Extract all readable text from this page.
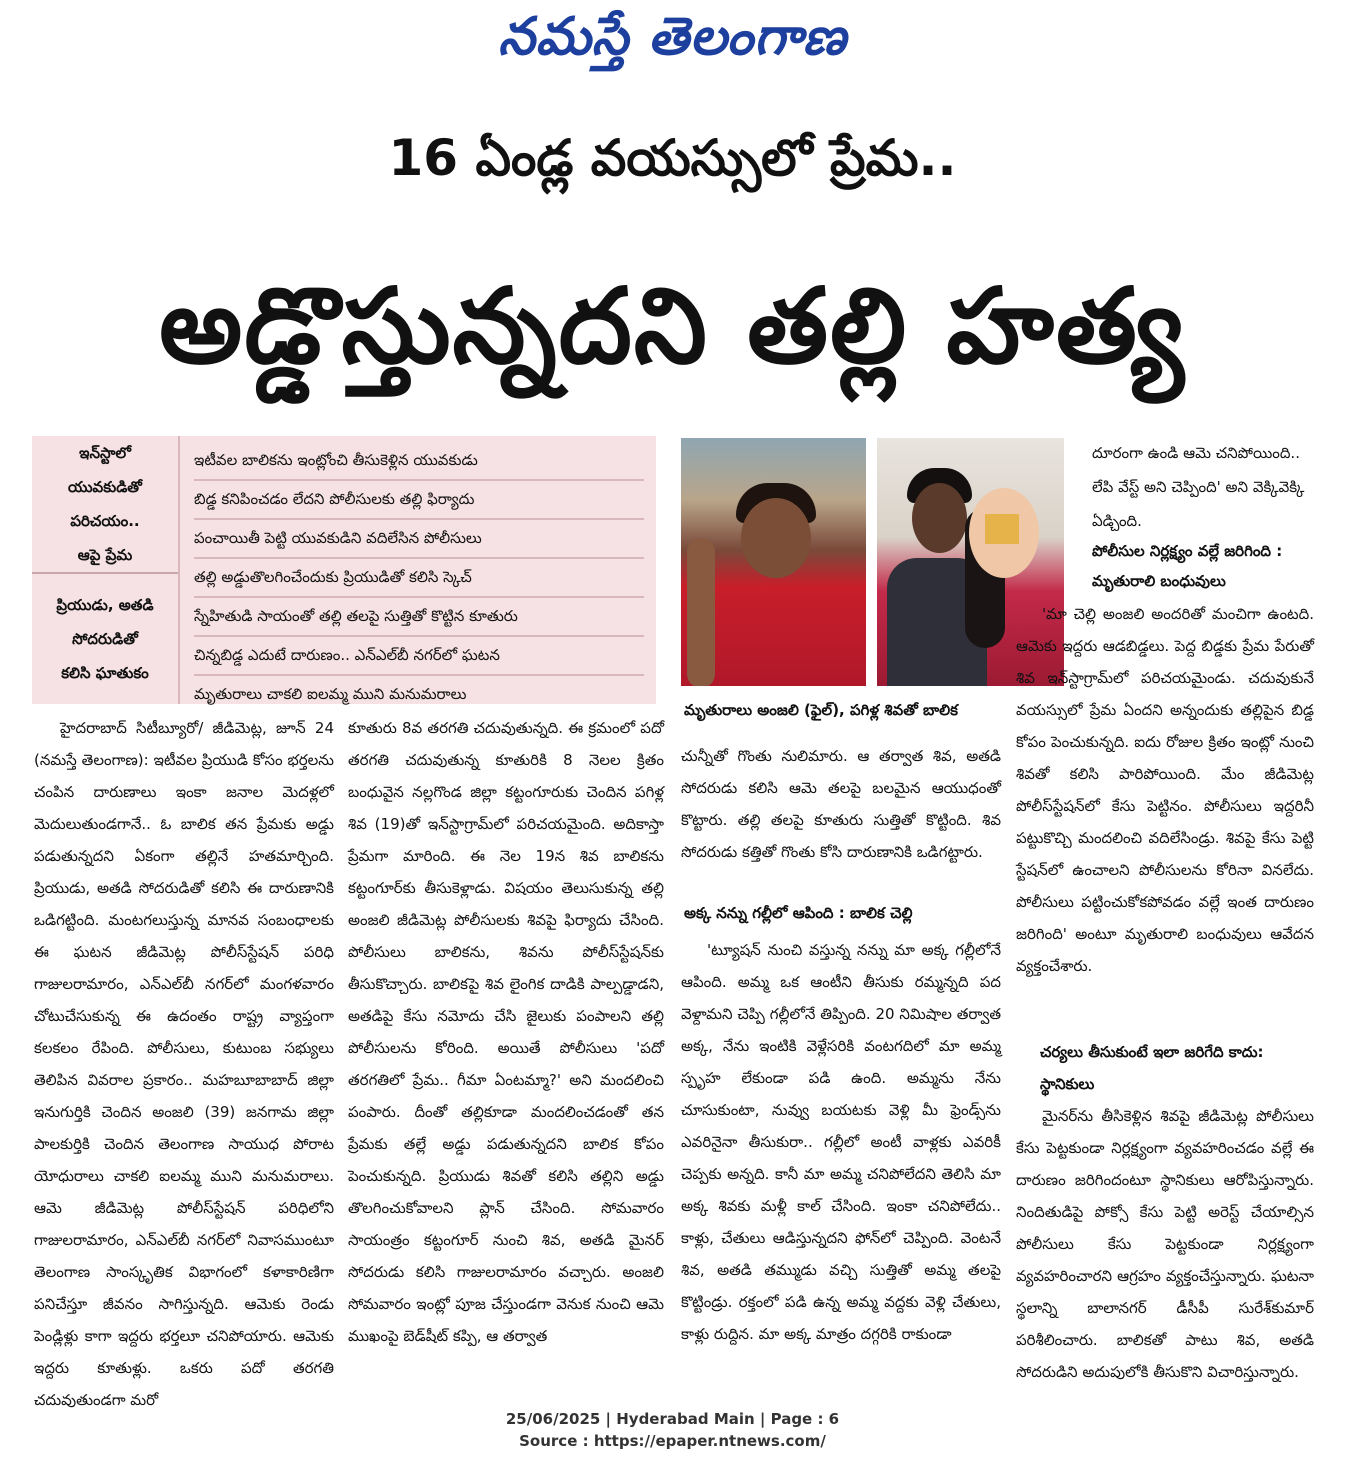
నమస్తే తెలంగాణ
16 ఏండ్ల వయస్సులో ప్రేమ..
అడ్డొస్తున్నదని తల్లి హత్య
ఇన్‌స్టాలో
యువకుడితో
పరిచయం..
ఆపై ప్రేమ
ప్రియుడు, అతడి
సోదరుడితో
కలిసి ఘాతుకం
ఇటీవల బాలికను ఇంట్లోంచి తీసుకెళ్లిన యువకుడు
బిడ్డ కనిపించడం లేదని పోలీసులకు తల్లి ఫిర్యాదు
పంచాయితీ పెట్టి యువకుడిని వదిలేసిన పోలీసులు
తల్లి అడ్డుతొలగించేందుకు ప్రియుడితో కలిసి స్కెచ్
స్నేహితుడి సాయంతో తల్లి తలపై సుత్తితో కొట్టిన కూతురు
చిన్నబిడ్డ ఎదుటే దారుణం.. ఎన్‌ఎల్‌బీ నగర్‌లో ఘటన
మృతురాలు చాకలి ఐలమ్మ ముని మనుమరాలు
మృతురాలు అంజలి (ఫైల్), పగిళ్ల శివతో బాలిక

హైదరాబాద్ సిటీబ్యూరో/ జీడిమెట్ల, జూన్ 24 (నమస్తే తెలంగాణ): ఇటీవల ప్రియుడి కోసం భర్తలను చంపిన దారుణాలు ఇంకా జనాల మెదళ్లలో మెదులుతుండగానే.. ఓ బాలిక తన ప్రేమకు అడ్డు పడుతున్నదని ఏకంగా తల్లినే హతమార్చింది. ప్రియుడు, అతడి సోదరుడితో కలిసి ఈ దారుణానికి ఒడిగట్టింది. మంటగలుస్తున్న మానవ సంబంధాలకు ఈ ఘటన జీడిమెట్ల పోలీస్‌స్టేషన్ పరిధి గాజులరామారం, ఎన్‌ఎల్‌బీ నగర్‌లో మంగళవారం చోటుచేసుకున్న ఈ ఉదంతం రాష్ట్ర వ్యాప్తంగా కలకలం రేపింది. పోలీసులు, కుటుంబ సభ్యులు తెలిపిన వివరాల ప్రకారం.. మహబూబాబాద్ జిల్లా ఇనుగుర్తికి చెందిన అంజలి (39) జనగామ జిల్లా పాలకుర్తికి చెందిన తెలంగాణ సాయుధ పోరాట యోధురాలు చాకలి ఐలమ్మ ముని మనుమరాలు. ఆమె జీడిమెట్ల పోలీస్‌స్టేషన్ పరిధిలోని గాజులరామారం, ఎన్‌ఎల్‌బీ నగర్‌లో నివాసముంటూ తెలంగాణ సాంస్కృతిక విభాగంలో కళాకారిణిగా పనిచేస్తూ జీవనం సాగిస్తున్నది. ఆమెకు రెండు పెండ్లిళ్లు కాగా ఇద్దరు భర్తలూ చనిపోయారు. ఆమెకు ఇద్దరు కూతుళ్లు. ఒకరు పదో తరగతి చదువుతుండగా మరో

కూతురు 8వ తరగతి చదువుతున్నది. ఈ క్రమంలో పదో తరగతి చదువుతున్న కూతురికి 8 నెలల క్రితం బంధువైన నల్లగొండ జిల్లా కట్టంగూరుకు చెందిన పగిళ్ల శివ (19)తో ఇన్‌స్టాగ్రామ్‌లో పరిచయమైంది. అదికాస్తా ప్రేమగా మారింది. ఈ నెల 19న శివ బాలికను కట్టంగూర్‌కు తీసుకెళ్లాడు. విషయం తెలుసుకున్న తల్లి అంజలి జీడిమెట్ల పోలీసులకు శివపై ఫిర్యాదు చేసింది. పోలీసులు బాలికను, శివను పోలీస్‌స్టేషన్‌కు తీసుకొచ్చారు. బాలికపై శివ లైంగిక దాడికి పాల్పడ్డాడని, అతడిపై కేసు నమోదు చేసి జైలుకు పంపాలని తల్లి పోలీసులను కోరింది. అయితే పోలీసులు 'పదో తరగతిలో ప్రేమ.. గీమా ఏంటమ్మా?' అని మందలించి పంపారు. దీంతో తల్లికూడా మందలించడంతో తన ప్రేమకు తల్లే అడ్డు పడుతున్నదని బాలిక కోపం పెంచుకున్నది. ప్రియుడు శివతో కలిసి తల్లిని అడ్డు తొలగించుకోవాలని ప్లాన్ చేసింది. సోమవారం సాయంత్రం కట్టంగూర్ నుంచి శివ, అతడి మైనర్ సోదరుడు కలిసి గాజులరామారం వచ్చారు. అంజలి సోమవారం ఇంట్లో పూజ చేస్తుండగా వెనుక నుంచి ఆమె ముఖంపై బెడ్‌షీట్ కప్పి, ఆ తర్వాత

చున్నీతో గొంతు నులిమారు. ఆ తర్వాత శివ, అతడి సోదరుడు కలిసి ఆమె తలపై బలమైన ఆయుధంతో కొట్టారు. తల్లి తలపై కూతురు సుత్తితో కొట్టింది. శివ సోదరుడు కత్తితో గొంతు కోసి దారుణానికి ఒడిగట్టారు.

అక్క నన్ను గల్లీలో ఆపింది : బాలిక చెల్లి

'ట్యూషన్ నుంచి వస్తున్న నన్ను మా అక్క గల్లీలోనే ఆపింది. అమ్మ ఒక ఆంటీని తీసుకు రమ్మన్నది పద వెళ్దామని చెప్పి గల్లీలోనే తిప్పింది. 20 నిమిషాల తర్వాత అక్క, నేను ఇంటికి వెళ్లేసరికి వంటగదిలో మా అమ్మ స్పృహ లేకుండా పడి ఉంది. అమ్మను నేను చూసుకుంటా, నువ్వు బయటకు వెళ్లి మీ ఫ్రెండ్స్‌ను ఎవరినైనా తీసుకురా.. గల్లీలో అంటీ వాళ్లకు ఎవరికీ చెప్పకు అన్నది. కానీ మా అమ్మ చనిపోలేదని తెలిసి మా అక్క శివకు మళ్లీ కాల్ చేసింది. ఇంకా చనిపోలేదు.. కాళ్లు, చేతులు ఆడిస్తున్నదని ఫోన్‌లో చెప్పింది. వెంటనే శివ, అతడి తమ్ముడు వచ్చి సుత్తితో అమ్మ తలపై కొట్టిండ్రు. రక్తంలో పడి ఉన్న అమ్మ వద్దకు వెళ్లి చేతులు, కాళ్లు రుద్దిన. మా అక్క మాత్రం దగ్గరికి రాకుండా

దూరంగా ఉండి ఆమె చనిపోయింది.. లేపి వేస్ట్ అని చెప్పింది' అని వెక్కివెక్కి ఏడ్చింది.

పోలీసుల నిర్లక్ష్యం వల్లే జరిగింది : మృతురాలి బంధువులు

'మా చెల్లి అంజలి అందరితో మంచిగా ఉంటది. ఆమెకు ఇద్దరు ఆడబిడ్డలు. పెద్ద బిడ్డకు ప్రేమ పేరుతో శివ ఇన్‌స్టాగ్రామ్‌లో పరిచయమైండు. చదువుకునే వయస్సులో ప్రేమ ఏందని అన్నందుకు తల్లిపైన బిడ్డ కోపం పెంచుకున్నది. ఐదు రోజుల క్రితం ఇంట్లో నుంచి శివతో కలిసి పారిపోయింది. మేం జీడిమెట్ల పోలీస్‌స్టేషన్‌లో కేసు పెట్టినం. పోలీసులు ఇద్దరినీ పట్టుకొచ్చి మందలించి వదిలేసిండ్రు. శివపై కేసు పెట్టి స్టేషన్‌లో ఉంచాలని పోలీసులను కోరినా వినలేదు. పోలీసులు పట్టించుకోకపోవడం వల్లే ఇంత దారుణం జరిగింది' అంటూ మృతురాలి బంధువులు ఆవేదన వ్యక్తంచేశారు.

చర్యలు తీసుకుంటే ఇలా జరిగేది కాదు: స్థానికులు

మైనర్‌ను తీసికెళ్లిన శివపై జీడిమెట్ల పోలీసులు కేసు పెట్టకుండా నిర్లక్ష్యంగా వ్యవహరించడం వల్లే ఈ దారుణం జరిగిందంటూ స్థానికులు ఆరోపిస్తున్నారు. నిందితుడిపై పోక్సో కేసు పెట్టి అరెస్ట్ చేయాల్సిన పోలీసులు కేసు పెట్టకుండా నిర్లక్ష్యంగా వ్యవహరించారని ఆగ్రహం వ్యక్తంచేస్తున్నారు. ఘటనా స్థలాన్ని బాలానగర్ డీసీపీ సురేశ్‌కుమార్ పరిశీలించారు. బాలికతో పాటు శివ, అతడి సోదరుడిని అదుపులోకి తీసుకొని విచారిస్తున్నారు.

25/06/2025 | Hyderabad Main | Page : 6
Source : https://epaper.ntnews.com/
